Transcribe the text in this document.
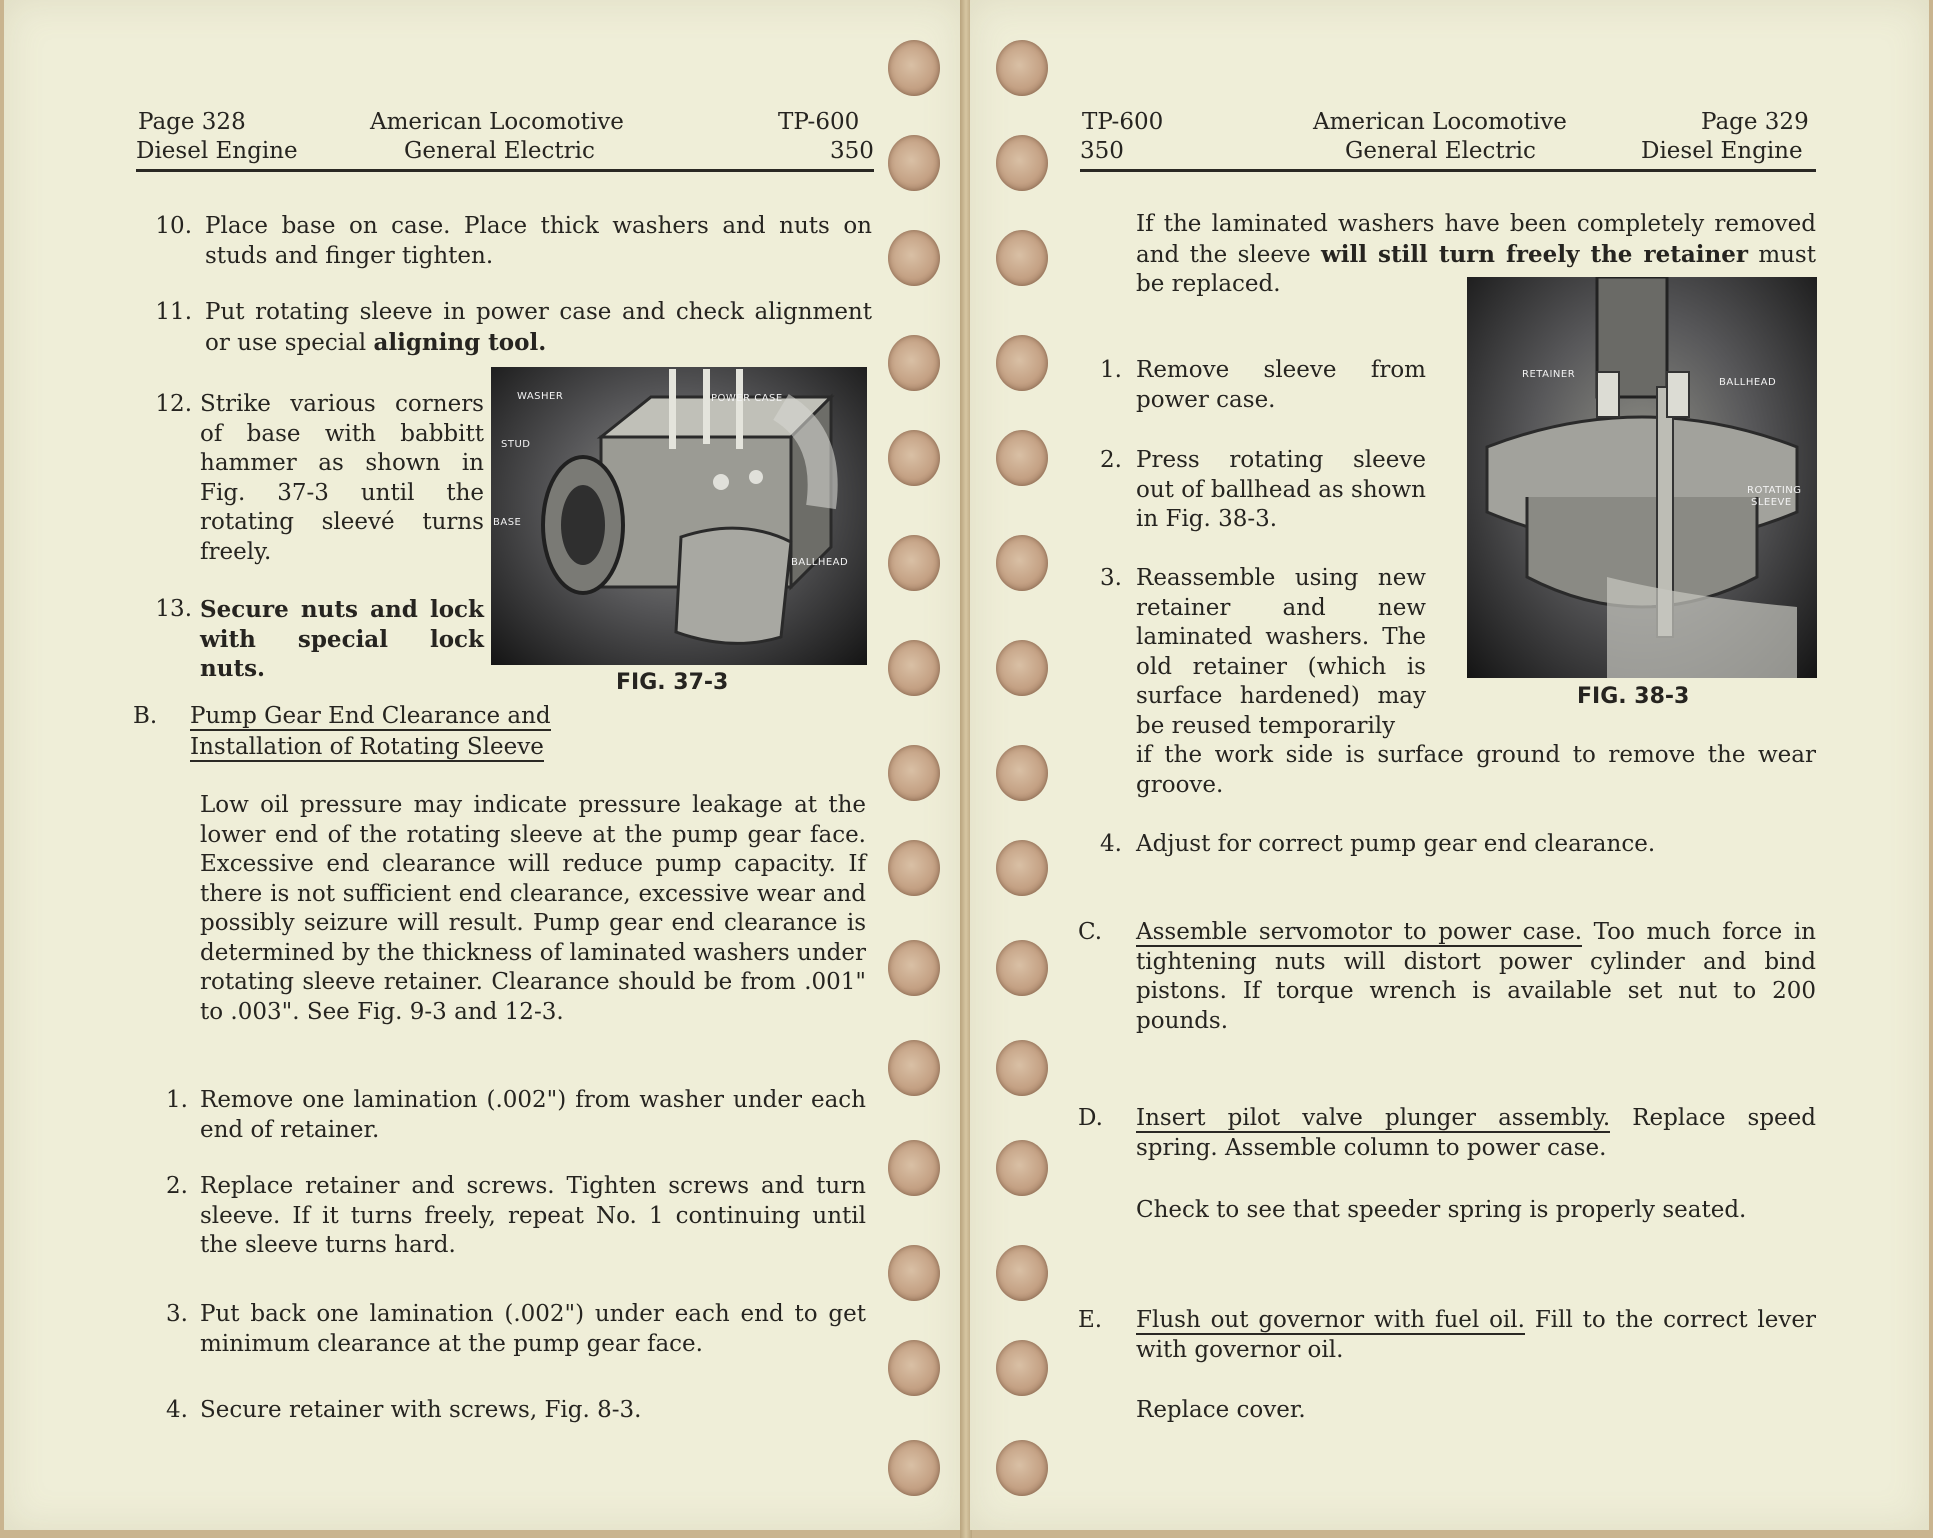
Page 328
Diesel Engine
American Locomotive
General Electric
TP-600
350
10. Place base on case. Place thick washers and nuts on studs and finger tighten.
11. Put rotating sleeve in power case and check alignment or use special aligning tool.
12. Strike various corners of base with babbitt hammer as shown in Fig. 37-3 until the rotating sleevé turns freely.
13. Secure nuts and lock with special lock nuts.
WASHER	POWER CASE
STUD
BASE
BALLHEAD
FIG. 37-3
B. Pump Gear End Clearance and
Installation of Rotating Sleeve
Low oil pressure may indicate pressure leakage at the lower end of the rotating sleeve at the pump gear face. Excessive end clearance will reduce pump capacity. If there is not sufficient end clearance, excessive wear and possibly seizure will result. Pump gear end clearance is determined by the thickness of laminated washers under rotating sleeve retainer. Clearance should be from .001" to .003". See Fig. 9-3 and 12-3.
1. Remove one lamination (.002") from washer under each end of retainer.
2. Replace retainer and screws. Tighten screws and turn sleeve. If it turns freely, repeat No. 1 continuing until the sleeve turns hard.
3. Put back one lamination (.002") under each end to get minimum clearance at the pump gear face.
4. Secure retainer with screws, Fig. 8-3.
TP-600
350
American Locomotive
General Electric
Page 329
Diesel Engine
If the laminated washers have been completely removed and the sleeve will still turn freely the retainer must be replaced.
RETAINER
BALLHEAD
ROTATING
SLEEVE
FIG. 38-3
1. Remove sleeve from power case.
2. Press rotating sleeve out of ballhead as shown in Fig. 38-3.
3. Reassemble using new retainer and new laminated washers. The old retainer (which is surface hardened) may be reused temporarily
if the work side is surface ground to remove the wear groove.
4. Adjust for correct pump gear end clearance.
C. Assemble servomotor to power case. Too much force in tightening nuts will distort power cylinder and bind pistons. If torque wrench is available set nut to 200 pounds.
D. Insert pilot valve plunger assembly. Replace speed spring. Assemble column to power case.
Check to see that speeder spring is properly seated.
E. Flush out governor with fuel oil. Fill to the correct lever with governor oil.
Replace cover.
